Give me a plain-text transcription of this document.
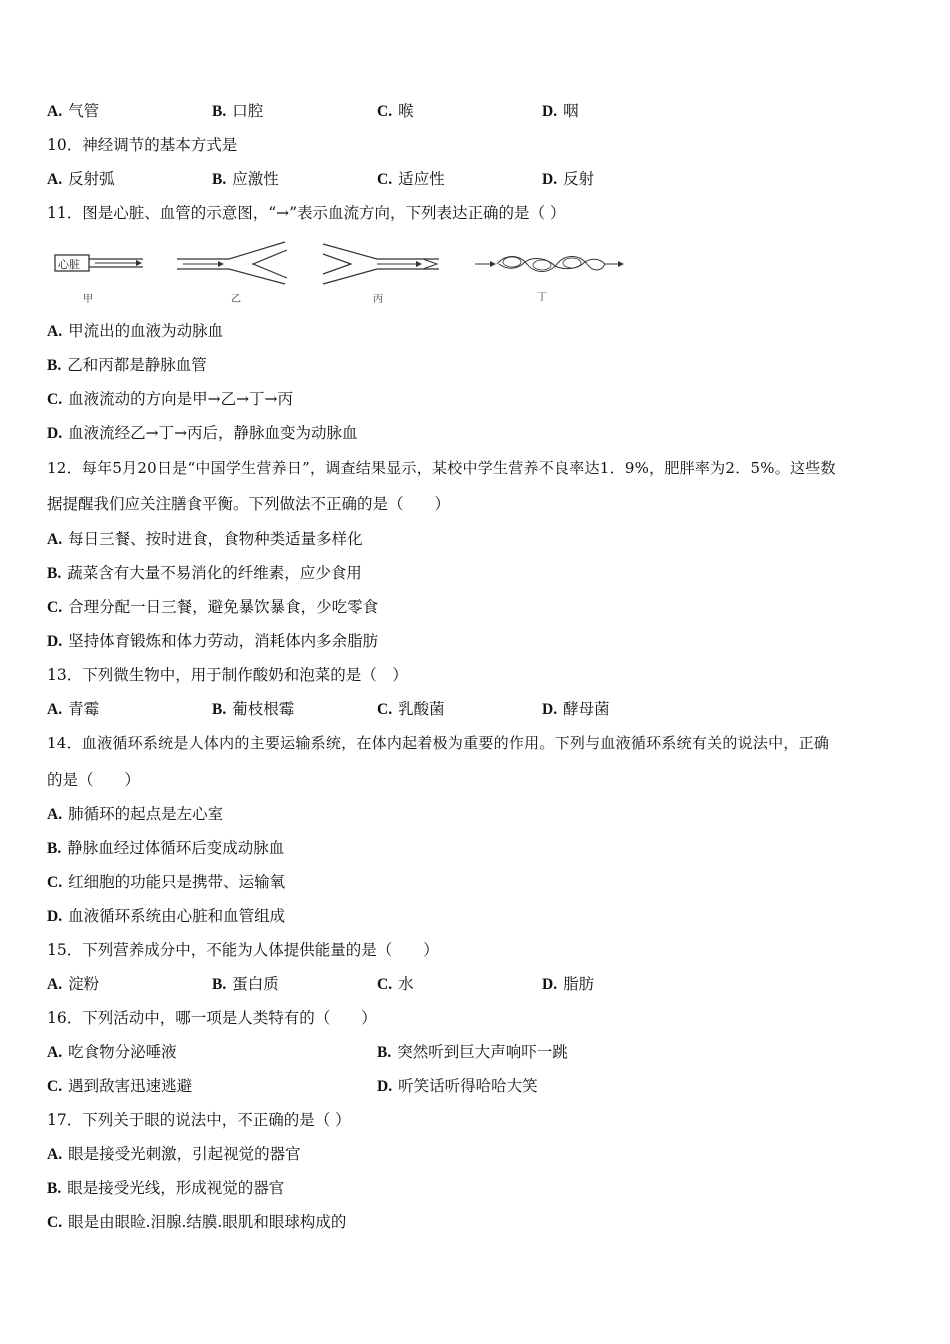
A. 气管	B. 口腔	C. 喉	D. 咽
10．神经调节的基本方式是
A. 反射弧	B. 应激性	C. 适应性	D. 反射
11．图是心脏、血管的示意图，“→”表示血流方向，下列表达正确的是（ ）
心脏
甲	乙	丙	丁
A. 甲流出的血液为动脉血
B. 乙和丙都是静脉血管
C. 血液流动的方向是甲→乙→丁→丙
D. 血液流经乙→丁→丙后，静脉血变为动脉血
12．每年5月20日是“中国学生营养日”，调查结果显示，某校中学生营养不良率达1．9%，肥胖率为2．5%。这些数
据提醒我们应关注膳食平衡。下列做法不正确的是（　　）
A. 每日三餐、按时进食，食物种类适量多样化
B. 蔬菜含有大量不易消化的纤维素，应少食用
C. 合理分配一日三餐，避免暴饮暴食，少吃零食
D. 坚持体育锻炼和体力劳动，消耗体内多余脂肪
13．下列微生物中，用于制作酸奶和泡菜的是（　）
A. 青霉	B. 葡枝根霉	C. 乳酸菌	D. 酵母菌
14．血液循环系统是人体内的主要运输系统，在体内起着极为重要的作用。下列与血液循环系统有关的说法中，正确
的是（　　）
A. 肺循环的起点是左心室
B. 静脉血经过体循环后变成动脉血
C. 红细胞的功能只是携带、运输氧
D. 血液循环系统由心脏和血管组成
15．下列营养成分中，不能为人体提供能量的是（　　）
A. 淀粉	B. 蛋白质	C. 水	D. 脂肪
16．下列活动中，哪一项是人类特有的（　　）
A. 吃食物分泌唾液	B. 突然听到巨大声响吓一跳
C. 遇到敌害迅速逃避	D. 听笑话听得哈哈大笑
17．下列关于眼的说法中，不正确的是（ ）
A. 眼是接受光刺激，引起视觉的器官
B. 眼是接受光线，形成视觉的器官
C. 眼是由眼睑.泪腺.结膜.眼肌和眼球构成的
